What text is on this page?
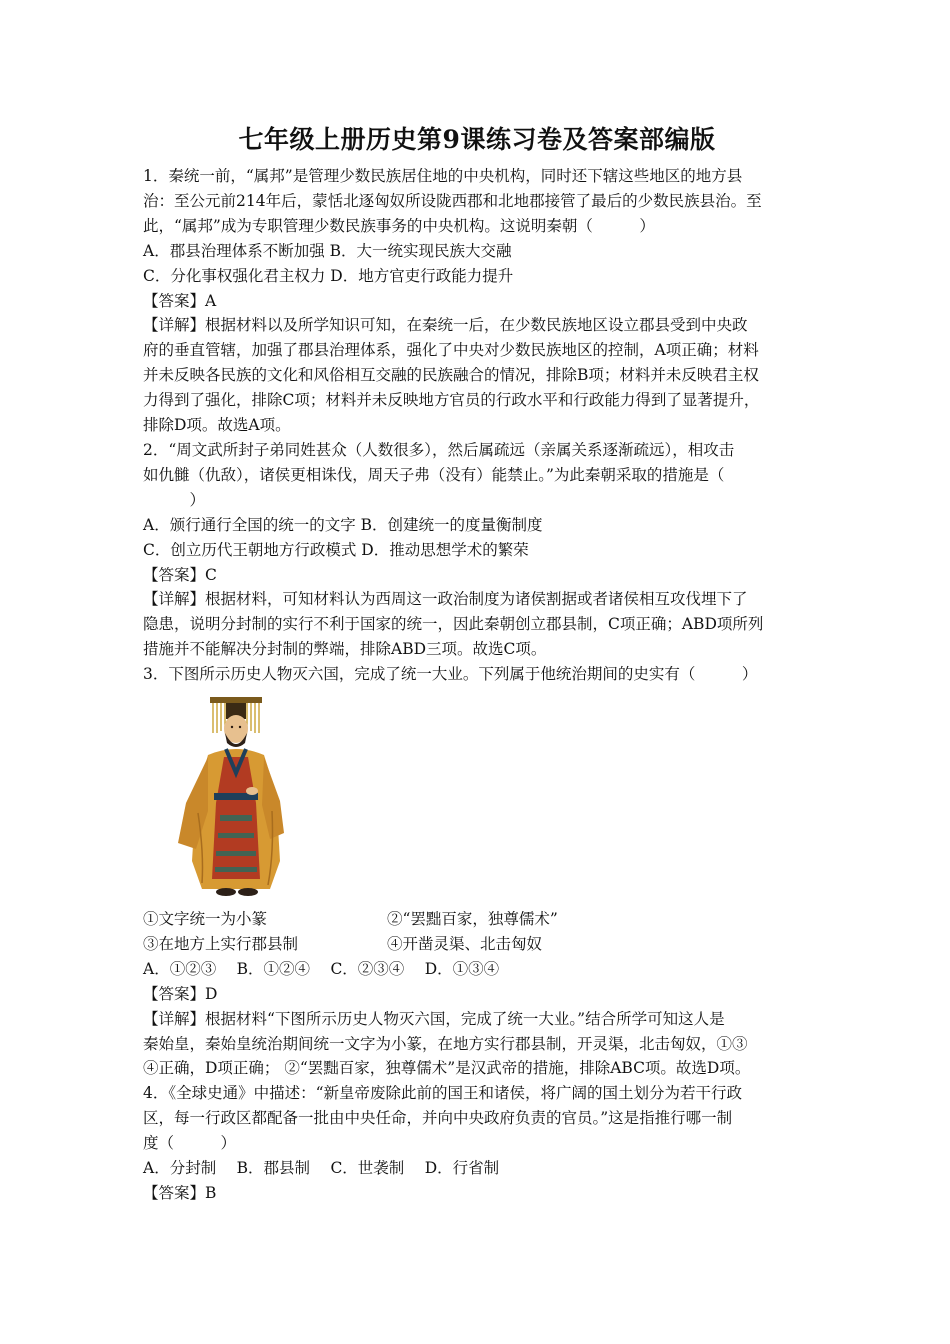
七年级上册历史第9课练习卷及答案部编版

1．秦统一前，“属邦”是管理少数民族居住地的中央机构，同时还下辖这些地区的地方县

治：至公元前214年后，蒙恬北逐匈奴所设陇西郡和北地郡接管了最后的少数民族县治。至

此，“属邦”成为专职管理少数民族事务的中央机构。这说明秦朝（　　　）

A．郡县治理体系不断加强 B．大一统实现民族大交融

C．分化事权强化君主权力 D．地方官吏行政能力提升

【答案】A

【详解】根据材料以及所学知识可知，在秦统一后，在少数民族地区设立郡县受到中央政

府的垂直管辖，加强了郡县治理体系，强化了中央对少数民族地区的控制，A项正确；材料

并未反映各民族的文化和风俗相互交融的民族融合的情况，排除B项；材料并未反映君主权

力得到了强化，排除C项；材料并未反映地方官员的行政水平和行政能力得到了显著提升，

排除D项。故选A项。

2．“周文武所封子弟同姓甚众（人数很多），然后属疏远（亲属关系逐渐疏远），相攻击

如仇雠（仇敌），诸侯更相诛伐，周天子弗（没有）能禁止。”为此秦朝采取的措施是（

　　　）

A．颁行通行全国的统一的文字 B．创建统一的度量衡制度

C．创立历代王朝地方行政模式 D．推动思想学术的繁荣

【答案】C

【详解】根据材料，可知材料认为西周这一政治制度为诸侯割据或者诸侯相互攻伐埋下了

隐患，说明分封制的实行不利于国家的统一，因此秦朝创立郡县制，C项正确；ABD项所列

措施并不能解决分封制的弊端，排除ABD三项。故选C项。

3．下图所示历史人物灭六国，完成了统一大业。下列属于他统治期间的史实有（　　　）

①文字统一为小篆	②“罢黜百家，独尊儒术”
③在地方上实行郡县制	④开凿灵渠、北击匈奴

A．①②③　 B．①②④　 C．②③④　 D．①③④

【答案】D

【详解】根据材料“下图所示历史人物灭六国，完成了统一大业。”结合所学可知这人是

秦始皇，秦始皇统治期间统一文字为小篆，在地方实行郡县制，开灵渠，北击匈奴，①③

④正确，D项正确； ②“罢黜百家，独尊儒术”是汉武帝的措施，排除ABC项。故选D项。

4．《全球史通》中描述：“新皇帝废除此前的国王和诸侯，将广阔的国土划分为若干行政

区，每一行政区都配备一批由中央任命，并向中央政府负责的官员。”这是指推行哪一制

度（　　　）

A．分封制　 B．郡县制　 C．世袭制　 D．行省制

【答案】B
